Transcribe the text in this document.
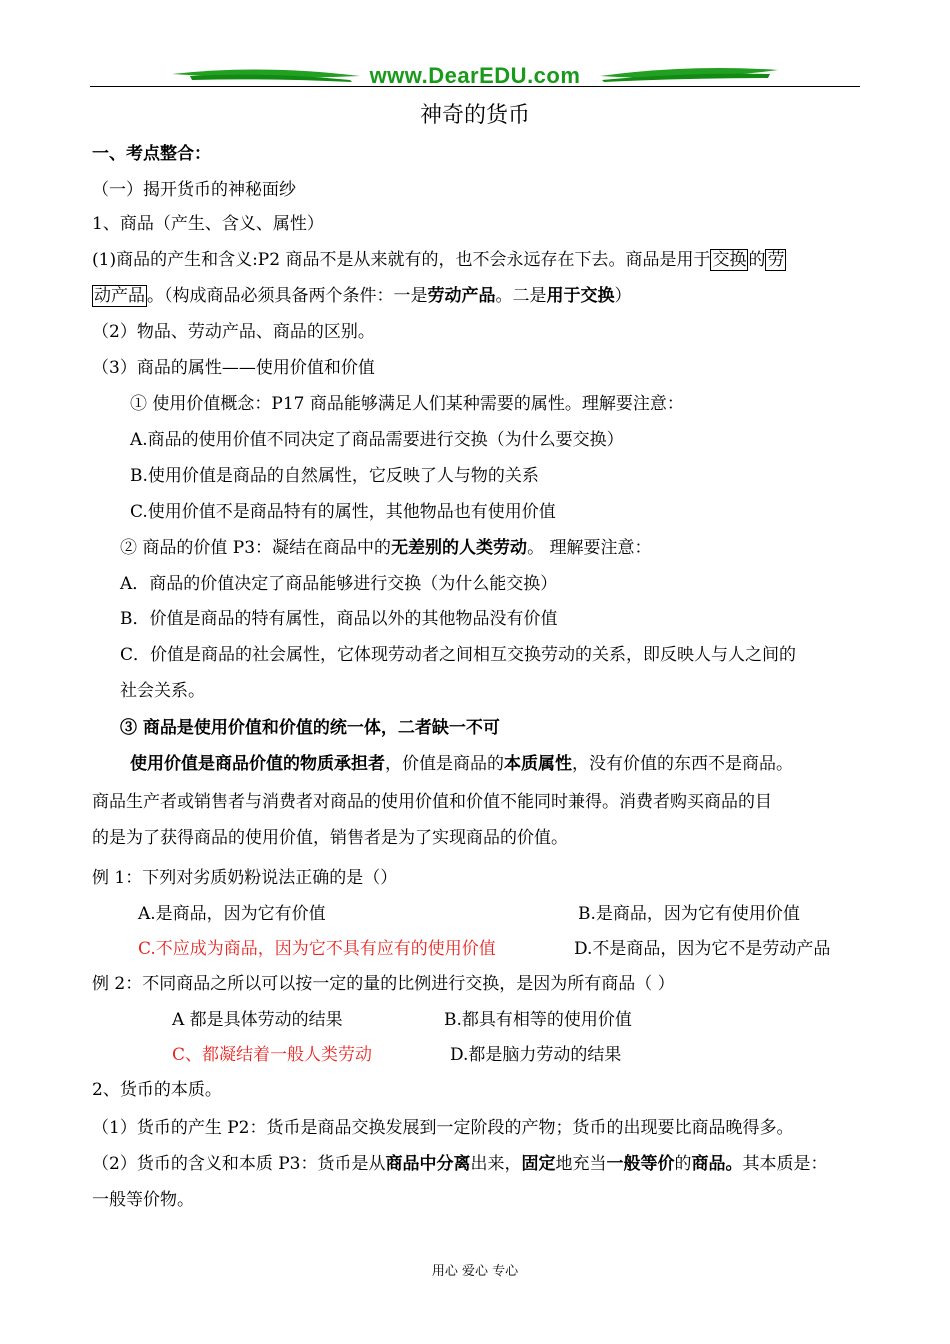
www.DearEDU.com
神奇的货币
一、考点整合：
（一）揭开货币的神秘面纱
1、商品（产生、含义、属性）
(1)商品的产生和含义:P2 商品不是从来就有的，也不会永远存在下去。商品是用于 交换 的 劳
动产品 。（构成商品必须具备两个条件：一是劳动产品。二是用于交换）
（2）物品、劳动产品、商品的区别。
（3）商品的属性——使用价值和价值
① 使用价值概念：P17 商品能够满足人们某种需要的属性。理解要注意：
A.商品的使用价值不同决定了商品需要进行交换（为什么要交换）
B.使用价值是商品的自然属性，它反映了人与物的关系
C.使用价值不是商品特有的属性，其他物品也有使用价值
② 商品的价值 P3：凝结在商品中的无差别的人类劳动。 理解要注意：
A．商品的价值决定了商品能够进行交换（为什么能交换）
B．价值是商品的特有属性，商品以外的其他物品没有价值
C．价值是商品的社会属性，它体现劳动者之间相互交换劳动的关系，即反映人与人之间的
社会关系。
③ 商品是使用价值和价值的统一体，二者缺一不可
使用价值是商品价值的物质承担者，价值是商品的本质属性，没有价值的东西不是商品。
商品生产者或销售者与消费者对商品的使用价值和价值不能同时兼得。消费者购买商品的目
的是为了获得商品的使用价值，销售者是为了实现商品的价值。
例 1：下列对劣质奶粉说法正确的是（）
A.是商品，因为它有价值	B.是商品，因为它有使用价值
C.不应成为商品，因为它不具有应有的使用价值	D.不是商品，因为它不是劳动产品
例 2：不同商品之所以可以按一定的量的比例进行交换，是因为所有商品（ ）
A 都是具体劳动的结果	B.都具有相等的使用价值
C、都凝结着一般人类劳动	D.都是脑力劳动的结果
2、货币的本质。
（1）货币的产生 P2：货币是商品交换发展到一定阶段的产物；货币的出现要比商品晚得多。
（2）货币的含义和本质 P3：货币是从商品中分离出来，固定地充当一般等价的商品。其本质是：
一般等价物。
用心 爱心 专心
